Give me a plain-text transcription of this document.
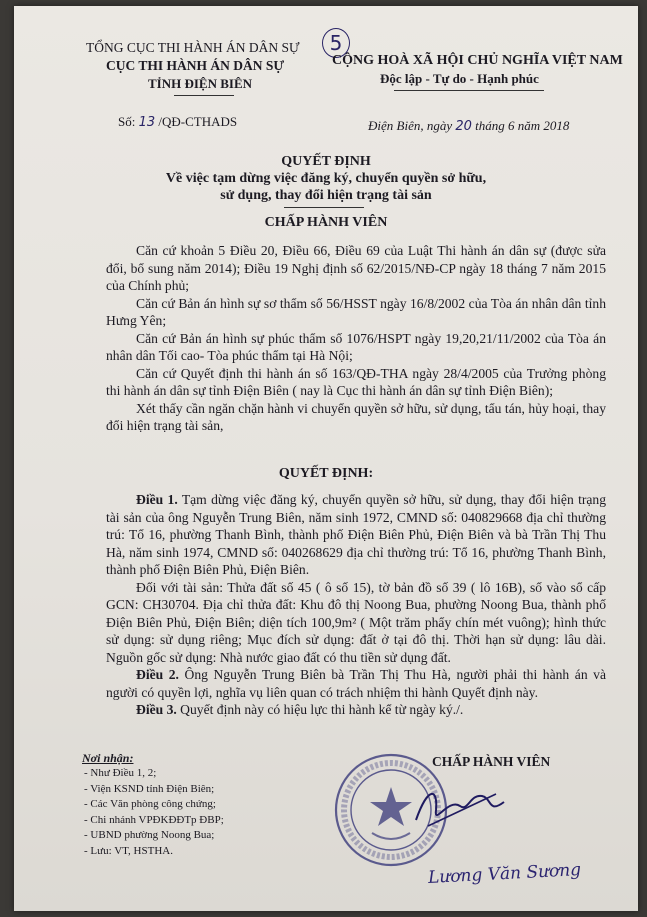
5
TỔNG CỤC THI HÀNH ÁN DÂN SỰ
CỤC THI HÀNH ÁN DÂN SỰ
TỈNH ĐIỆN BIÊN
CỘNG HOÀ XÃ HỘI CHỦ NGHĨA VIỆT NAM
Độc lập - Tự do - Hạnh phúc
Số: 13 /QĐ-CTHADS	Điện Biên, ngày 20 tháng 6 năm 2018
QUYẾT ĐỊNH
Về việc tạm dừng việc đăng ký, chuyển quyền sở hữu,
sử dụng, thay đổi hiện trạng tài sản
CHẤP HÀNH VIÊN

Căn cứ khoản 5 Điều 20, Điều 66, Điều 69 của Luật Thi hành án dân sự (được sửa đổi, bổ sung năm 2014); Điều 19 Nghị định số 62/2015/NĐ-CP ngày 18 tháng 7 năm 2015 của Chính phủ;

Căn cứ Bản án hình sự sơ thẩm số 56/HSST ngày 16/8/2002 của Tòa án nhân dân tỉnh Hưng Yên;

Căn cứ Bản án hình sự phúc thẩm số 1076/HSPT ngày 19,20,21/11/2002 của Tòa án nhân dân Tối cao- Tòa phúc thẩm tại Hà Nội;

Căn cứ Quyết định thi hành án số 163/QĐ-THA ngày 28/4/2005 của Trưởng phòng thi hành án dân sự tỉnh Điện Biên ( nay là Cục thi hành án dân sự tỉnh Điện Biên);

Xét thấy cần ngăn chặn hành vi chuyển quyền sở hữu, sử dụng, tẩu tán, hủy hoại, thay đổi hiện trạng tài sản,

QUYẾT ĐỊNH:

Điều 1. Tạm dừng việc đăng ký, chuyển quyền sở hữu, sử dụng, thay đổi hiện trạng tài sản của ông Nguyễn Trung Biên, năm sinh 1972, CMND số: 040829668 địa chỉ thường trú: Tổ 16, phường Thanh Bình, thành phố Điện Biên Phủ, Điện Biên và bà Trần Thị Thu Hà, năm sinh 1974, CMND số: 040268629 địa chỉ thường trú: Tổ 16, phường Thanh Bình, thành phố Điện Biên Phủ, Điện Biên.

Đối với tài sản: Thửa đất số 45 ( ô số 15), tờ bản đồ số 39 ( lô 16B), số vào sổ cấp GCN: CH30704. Địa chỉ thửa đất: Khu đô thị Noong Bua, phường Noong Bua, thành phố Điện Biên Phủ, Điện Biên; diện tích 100,9m² ( Một trăm phẩy chín mét vuông); hình thức sử dụng: sử dụng riêng; Mục đích sử dụng: đất ở tại đô thị. Thời hạn sử dụng: lâu dài. Nguồn gốc sử dụng: Nhà nước giao đất có thu tiền sử dụng đất.

Điều 2. Ông Nguyễn Trung Biên bà Trần Thị Thu Hà, người phải thi hành án và người có quyền lợi, nghĩa vụ liên quan có trách nhiệm thi hành Quyết định này.

Điều 3. Quyết định này có hiệu lực thi hành kể từ ngày ký./.

Nơi nhận:
- Như Điều 1, 2;
- Viện KSND tỉnh Điện Biên;
- Các Văn phòng công chứng;
- Chi nhánh VPĐKĐĐTp ĐBP;
- UBND phường Noong Bua;
- Lưu: VT, HSTHA.
CHẤP HÀNH VIÊN
Lương Văn Sương
